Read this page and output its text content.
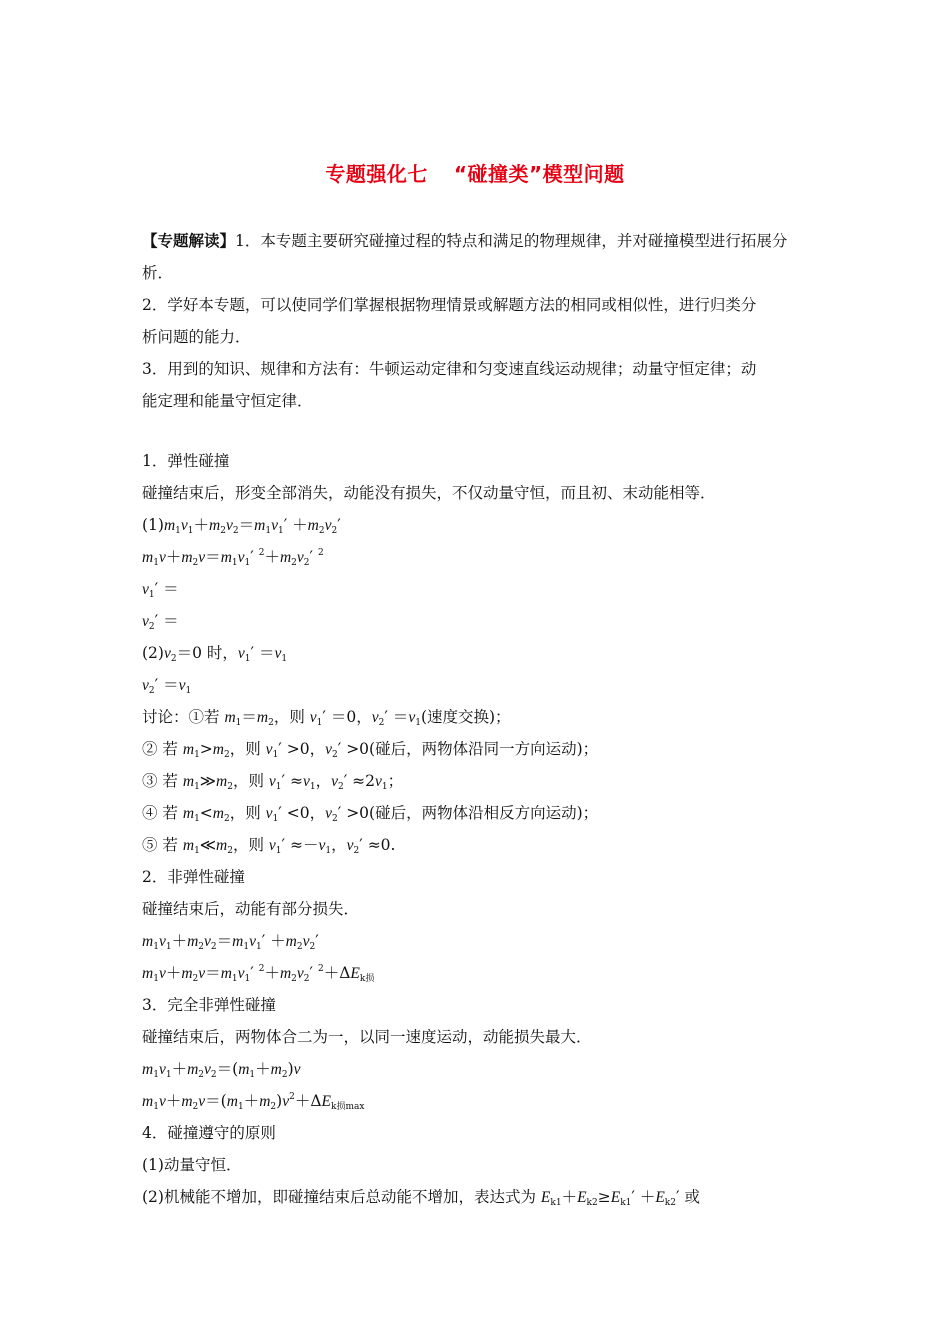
专题强化七 “碰撞类”模型问题
【专题解读】1．本专题主要研究碰撞过程的特点和满足的物理规律，并对碰撞模型进行拓展分
析．
2．学好本专题，可以使同学们掌握根据物理情景或解题方法的相同或相似性，进行归类分
析问题的能力．
3．用到的知识、规律和方法有：牛顿运动定律和匀变速直线运动规律；动量守恒定律；动
能定理和能量守恒定律．
1．弹性碰撞
碰撞结束后，形变全部消失，动能没有损失，不仅动量守恒，而且初、末动能相等．
$(1)m_1v_1+m_2v_2=m_1v_1' +m_2v_2'$
$m_1v+m_2v=m_1v_1'$ $^2+m_2v_2'$ $^2$
$v_1'$ ＝
$v_2'$ ＝
$(2)v_2=0$ 时，$v_1' =v_1$
$v_2' =v_1$
讨论：①若 $m_1=m_2$，则 $v_1' =0$，$v_2' =v_1$(速度交换)；
② 若 $m_1>m_2$，则 $v_1' >0$，$v_2' >0$(碰后，两物体沿同一方向运动)；
③ 若 $m_1≫m_2$，则 $v_1' \approx v_1$，$v_2' \approx 2v_1$；
④ 若 $m_1<m_2$，则 $v_1' <0$，$v_2' >0$(碰后，两物体沿相反方向运动)；
⑤ 若 $m_1≪m_2$，则 $v_1' \approx-v_1$，$v_2' \approx 0$.
2．非弹性碰撞
碰撞结束后，动能有部分损失．
$m_1v_1+m_2v_2=m_1v_1' +m_2v_2'$
$m_1v+m_2v=m_1v_1'$ $^2+m_2v_2'$ $^2+\Delta E_{k损}$
3．完全非弹性碰撞
碰撞结束后，两物体合二为一，以同一速度运动，动能损失最大．
$m_1v_1+m_2v_2=(m_1+m_2)v$
$m_1v+m_2v=(m_1+m_2)v^2+\Delta E_{k损max}$
4．碰撞遵守的原则
(1)动量守恒．
(2)机械能不增加，即碰撞结束后总动能不增加，表达式为 $E_{k1}+E_{k2}\ge E_{k1}' +E_{k2}'$ 或
